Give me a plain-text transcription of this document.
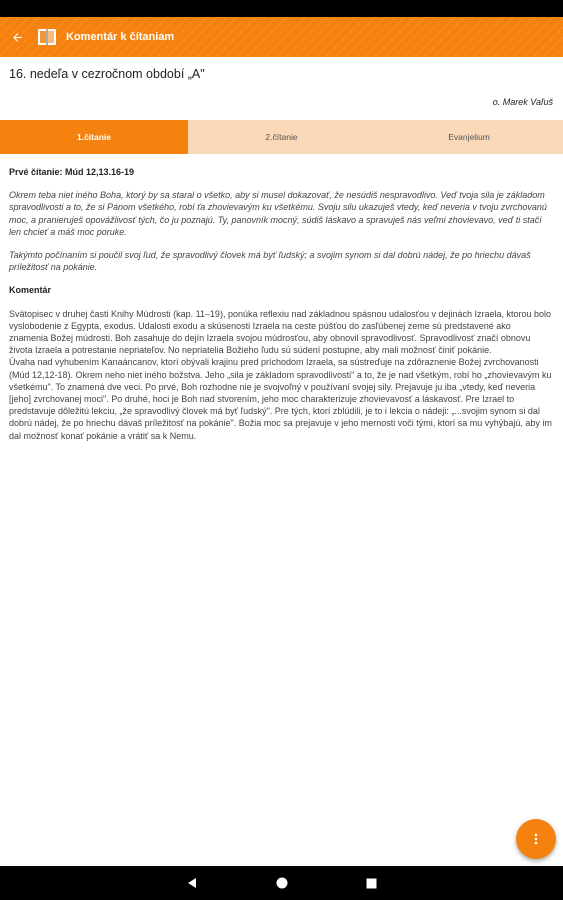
Komentár k čítaniam
16. nedeľa v cezročnom období „A"
o. Marek Vaľuš
1.čítanie	2.čítanie	Evanjelium

Prvé čítanie: Múd 12,13.16-19

Okrem teba niet iného Boha, ktorý by sa staral o všetko, aby si musel dokazovať, že nesúdiš nespravodlivo. Veď tvoja sila je základom spravodlivosti a to, že si Pánom všetkého, robí ťa zhovievavým ku všetkému. Svoju silu ukazuješ vtedy, keď neveria v tvoju zvrchovanú moc, a pranieruješ opovážlivosť tých, čo ju poznajú. Ty, panovník mocný, súdiš láskavo a spravuješ nás veľmi zhovievavo, veď ti stačí len chcieť a máš moc poruke.

Takýmto počínaním si poučil svoj ľud, že spravodlivý človek má byť ľudský; a svojim synom si dal dobrú nádej, že po hriechu dávaš príležitosť na pokánie.

Komentár

Svätopisec v druhej časti Knihy Múdrosti (kap. 11–19), ponúka reflexiu nad základnou spásnou udalosťou v dejinách Izraela, ktorou bolo vyslobodenie z Egypta, exodus. Udalosti exodu a skúsenosti Izraela na ceste púšťou do zasľúbenej zeme sú predstavené ako znamenia Božej múdrosti. Boh zasahuje do dejín Izraela svojou múdrosťou, aby obnovil spravodlivosť. Spravodlivosť značí obnovu života Izraela a potrestanie nepriateľov. No nepriatelia Božieho ľudu sú súdení postupne, aby mali možnosť činiť pokánie.

Úvaha nad vyhubením Kanaáncanov, ktorí obývali krajinu pred príchodom Izraela, sa sústreďuje na zdôraznenie Božej zvrchovanosti (Múd 12,12-18). Okrem neho niet iného božstva. Jeho „sila je základom spravodlivosti" a to, že je nad všetkým, robí ho „zhovievavým ku všetkému". To znamená dve veci. Po prvé, Boh rozhodne nie je svojvoľný v používaní svojej sily. Prejavuje ju iba „vtedy, keď neveria [jeho] zvrchovanej moci". Po druhé, hoci je Boh nad stvorením, jeho moc charakterizuje zhovievavosť a láskavosť. Pre Izrael to predstavuje dôležitú lekciu, „že spravodlivý človek má byť ľudský". Pre tých, ktorí zblúdili, je to i lekcia o nádeji: „...svojim synom si dal dobrú nádej, že po hriechu dávaš príležitosť na pokánie". Božia moc sa prejavuje v jeho mernosti voči tými, ktorí sa mu vyhýbajú, aby im dal možnosť konať pokánie a vrátiť sa k Nemu.
